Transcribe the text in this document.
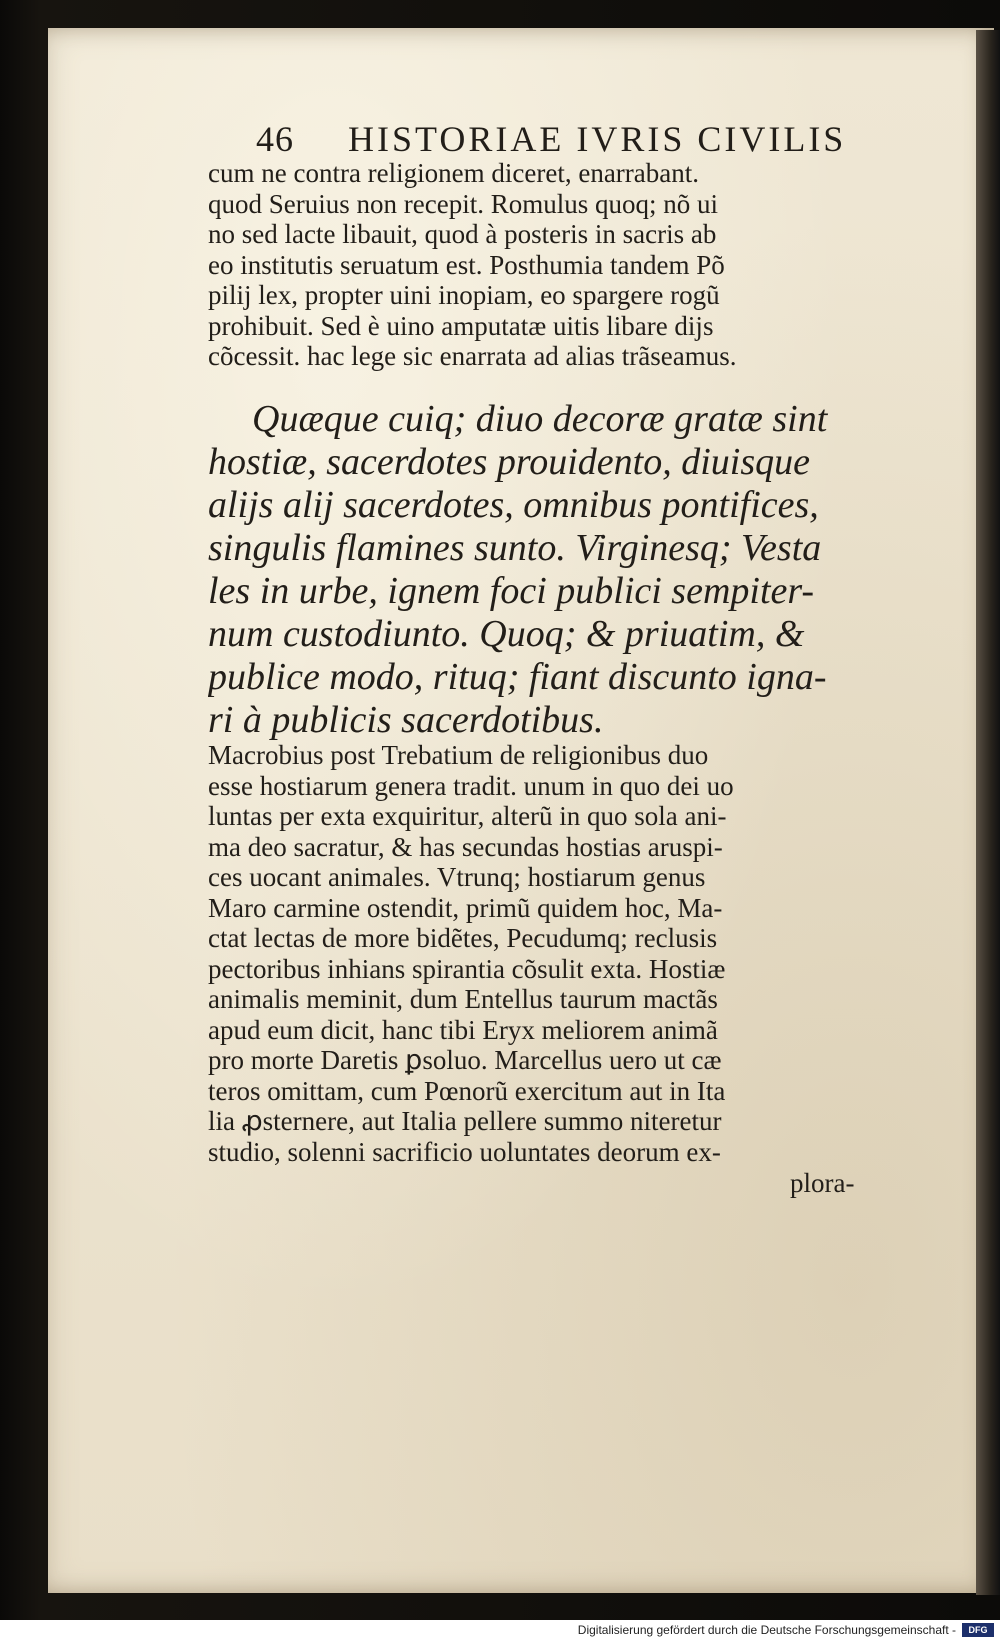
46 HISTORIAE IVRIS CIVILIS
cum ne contra religionem diceret, enarrabant.
quod Seruius non recepit. Romulus quoq; nõ ui
no sed lacte libauit, quod à posteris in sacris ab
eo institutis seruatum est. Posthumia tandem Põ
pilij lex, propter uini inopiam, eo spargere rogũ
prohibuit. Sed è uino amputatæ uitis libare dijs
cõcessit. hac lege sic enarrata ad alias trãseamus.
Quæque cuiq; diuo decoræ gratæ sint
hostiæ, sacerdotes prouidento, diuisque
alijs alij sacerdotes, omnibus pontifices,
singulis flamines sunto. Virginesq; Vesta
les in urbe, ignem foci publici sempiter-
num custodiunto. Quoq; & priuatim, &
publice modo, rituq; fiant discunto igna-
ri à publicis sacerdotibus.
Macrobius post Trebatium de religionibus duo
esse hostiarum genera tradit. unum in quo dei uo
luntas per exta exquiritur, alterũ in quo sola ani-
ma deo sacratur, & has secundas hostias aruspi-
ces uocant animales. Vtrunq; hostiarum genus
Maro carmine ostendit, primũ quidem hoc, Ma-
ctat lectas de more bidẽtes, Pecudumq; reclusis
pectoribus inhians spirantia cõsulit exta. Hostiæ
animalis meminit, dum Entellus taurum mactãs
apud eum dicit, hanc tibi Eryx meliorem animã
pro morte Daretis ꝑsoluo. Marcellus uero ut cæ
teros omittam, cum Pœnorũ exercitum aut in Ita
lia ꝓsternere, aut Italia pellere summo niteretur
studio, solenni sacrificio uoluntates deorum ex-
plora-
Digitalisierung gefördert durch die Deutsche Forschungsgemeinschaft -	DFG
